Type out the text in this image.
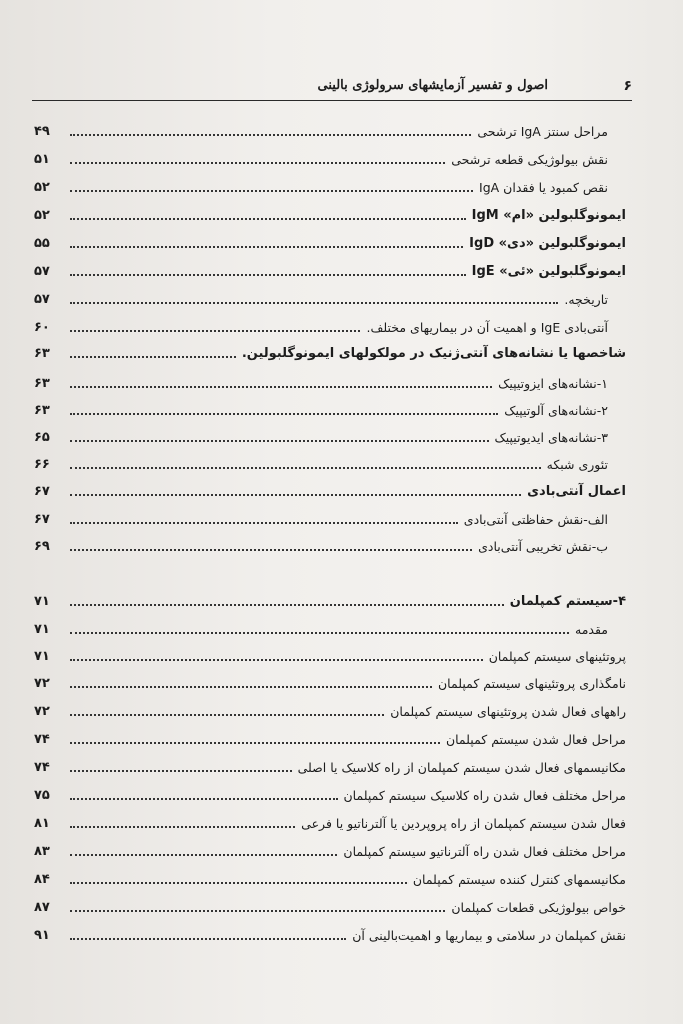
۶
اصول و تفسیر آزمایشهای سرولوژی بالینی
مراحل سنتز IgA ترشحی
۴۹
نقش بیولوژیکی قطعه ترشحی
۵۱
نقص کمبود یا فقدان IgA
۵۲
ایمونوگلبولین «ام» IgM
۵۲
ایمونوگلبولین «دی» IgD
۵۵
ایمونوگلبولین «ئی» IgE
۵۷
تاریخچه.
۵۷
آنتی‌بادی IgE و اهمیت آن در بیماریهای مختلف.
۶۰
شاخصها یا نشانه‌های آنتی‌ژنیک در مولکولهای ایمونوگلبولین.
۶۳
۱-نشانه‌های ایزوتیپیک
۶۳
۲-نشانه‌های آلوتیپیک
۶۳
۳-نشانه‌های ایدیوتیپیک
۶۵
تئوری شبکه
۶۶
اعمال آنتی‌بادی
۶۷
الف-نقش حفاظتی آنتی‌بادی
۶۷
ب-نقش تخریبی آنتی‌بادی
۶۹
۴-سیستم کمپلمان
۷۱
مقدمه
۷۱
پروتئینهای سیستم کمپلمان
۷۱
نامگذاری پروتئینهای سیستم کمپلمان
۷۲
راههای فعال شدن پروتئینهای سیستم کمپلمان
۷۲
مراحل فعال شدن سیستم کمپلمان
۷۴
مکانیسمهای فعال شدن سیستم کمپلمان از راه کلاسیک یا اصلی
۷۴
مراحل مختلف فعال شدن راه کلاسیک سیستم کمپلمان
۷۵
فعال شدن سیستم کمپلمان از راه پروپردین یا آلترناتیو یا فرعی
۸۱
مراحل مختلف فعال شدن راه آلترناتیو سیستم کمپلمان
۸۳
مکانیسمهای کنترل کننده سیستم کمپلمان
۸۴
خواص بیولوژیکی قطعات کمپلمان
۸۷
نقش کمپلمان در سلامتی و بیماریها و اهمیت‌بالینی آن
۹۱
